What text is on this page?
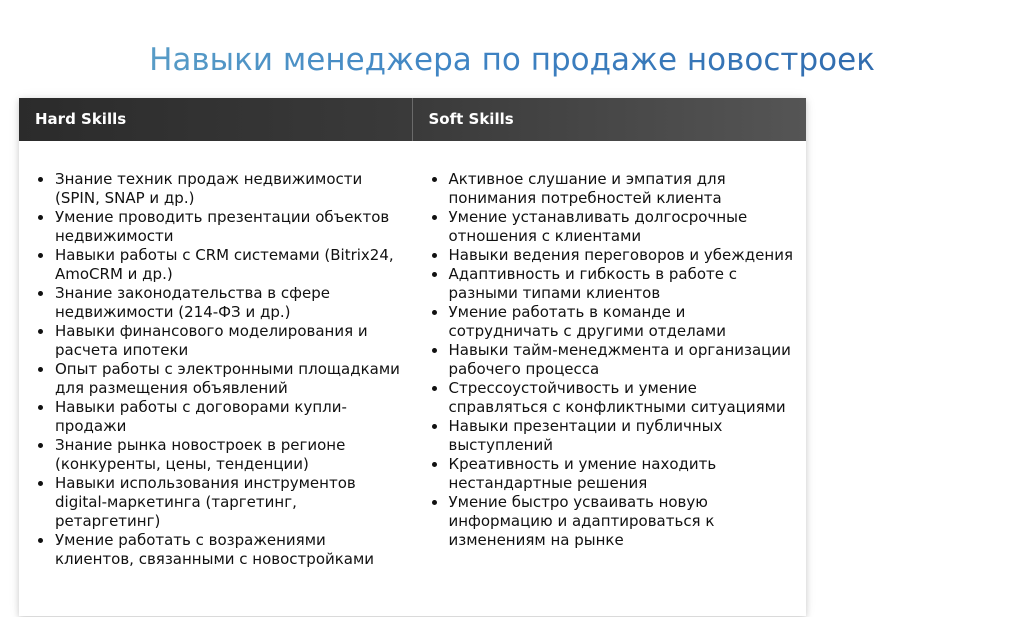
Навыки менеджера по продаже новостроек
Hard Skills	Soft Skills
Знание техник продаж недвижимости (SPIN, SNAP и др.)
Умение проводить презентации объектов недвижимости
Навыки работы с CRM системами (Bitrix24, AmoCRM и др.)
Знание законодательства в сфере недвижимости (214-ФЗ и др.)
Навыки финансового моделирования и расчета ипотеки
Опыт работы с электронными площадками для размещения объявлений
Навыки работы с договорами купли-продажи
Знание рынка новостроек в регионе (конкуренты, цены, тенденции)
Навыки использования инструментов digital-маркетинга (таргетинг, ретаргетинг)
Умение работать с возражениями клиентов, связанными с новостройками
Активное слушание и эмпатия для понимания потребностей клиента
Умение устанавливать долгосрочные отношения с клиентами
Навыки ведения переговоров и убеждения
Адаптивность и гибкость в работе с разными типами клиентов
Умение работать в команде и сотрудничать с другими отделами
Навыки тайм-менеджмента и организации рабочего процесса
Стрессоустойчивость и умение справляться с конфликтными ситуациями
Навыки презентации и публичных выступлений
Креативность и умение находить нестандартные решения
Умение быстро усваивать новую информацию и адаптироваться к изменениям на рынке
